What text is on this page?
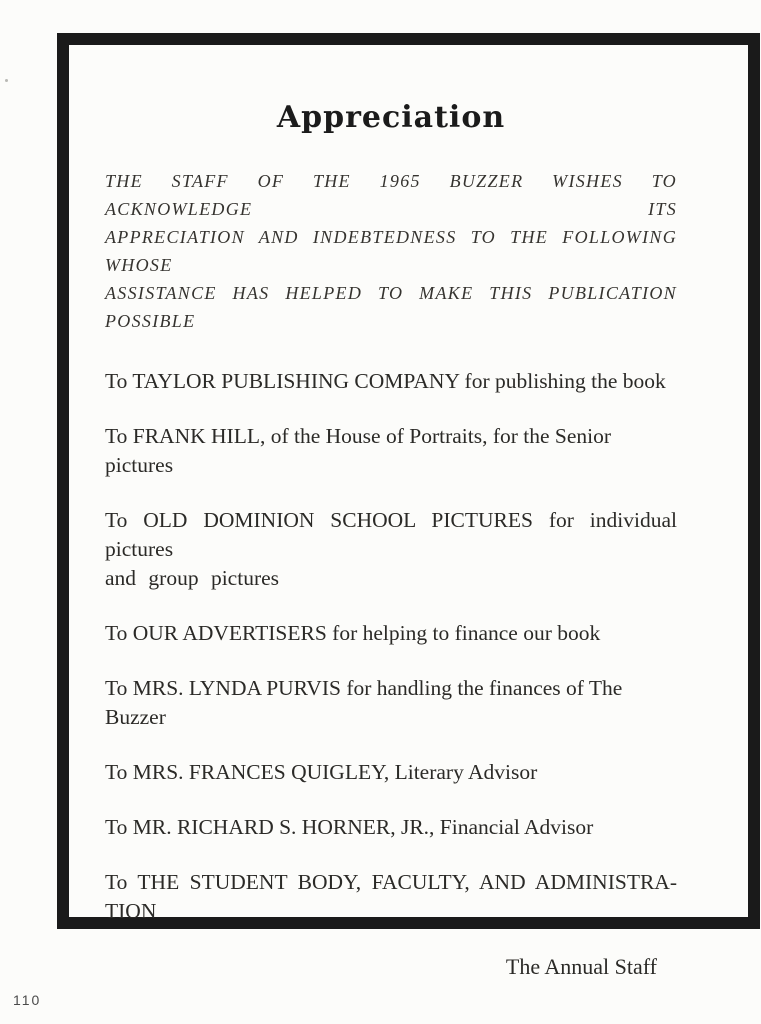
Appreciation
THE STAFF OF THE 1965 BUZZER WISHES TO ACKNOWLEDGE ITS
APPRECIATION AND INDEBTEDNESS TO THE FOLLOWING WHOSE
ASSISTANCE HAS HELPED TO MAKE THIS PUBLICATION POSSIBLE

To TAYLOR PUBLISHING COMPANY for publishing the book

To FRANK HILL, of the House of Portraits, for the Senior pictures

To OLD DOMINION SCHOOL PICTURES for individual pictures
and group pictures

To OUR ADVERTISERS for helping to finance our book

To MRS. LYNDA PURVIS for handling the finances of The Buzzer

To MRS. FRANCES QUIGLEY, Literary Advisor

To MR. RICHARD S. HORNER, JR., Financial Advisor

To THE STUDENT BODY, FACULTY, AND ADMINISTRA-
TION

The Annual Staff
110
